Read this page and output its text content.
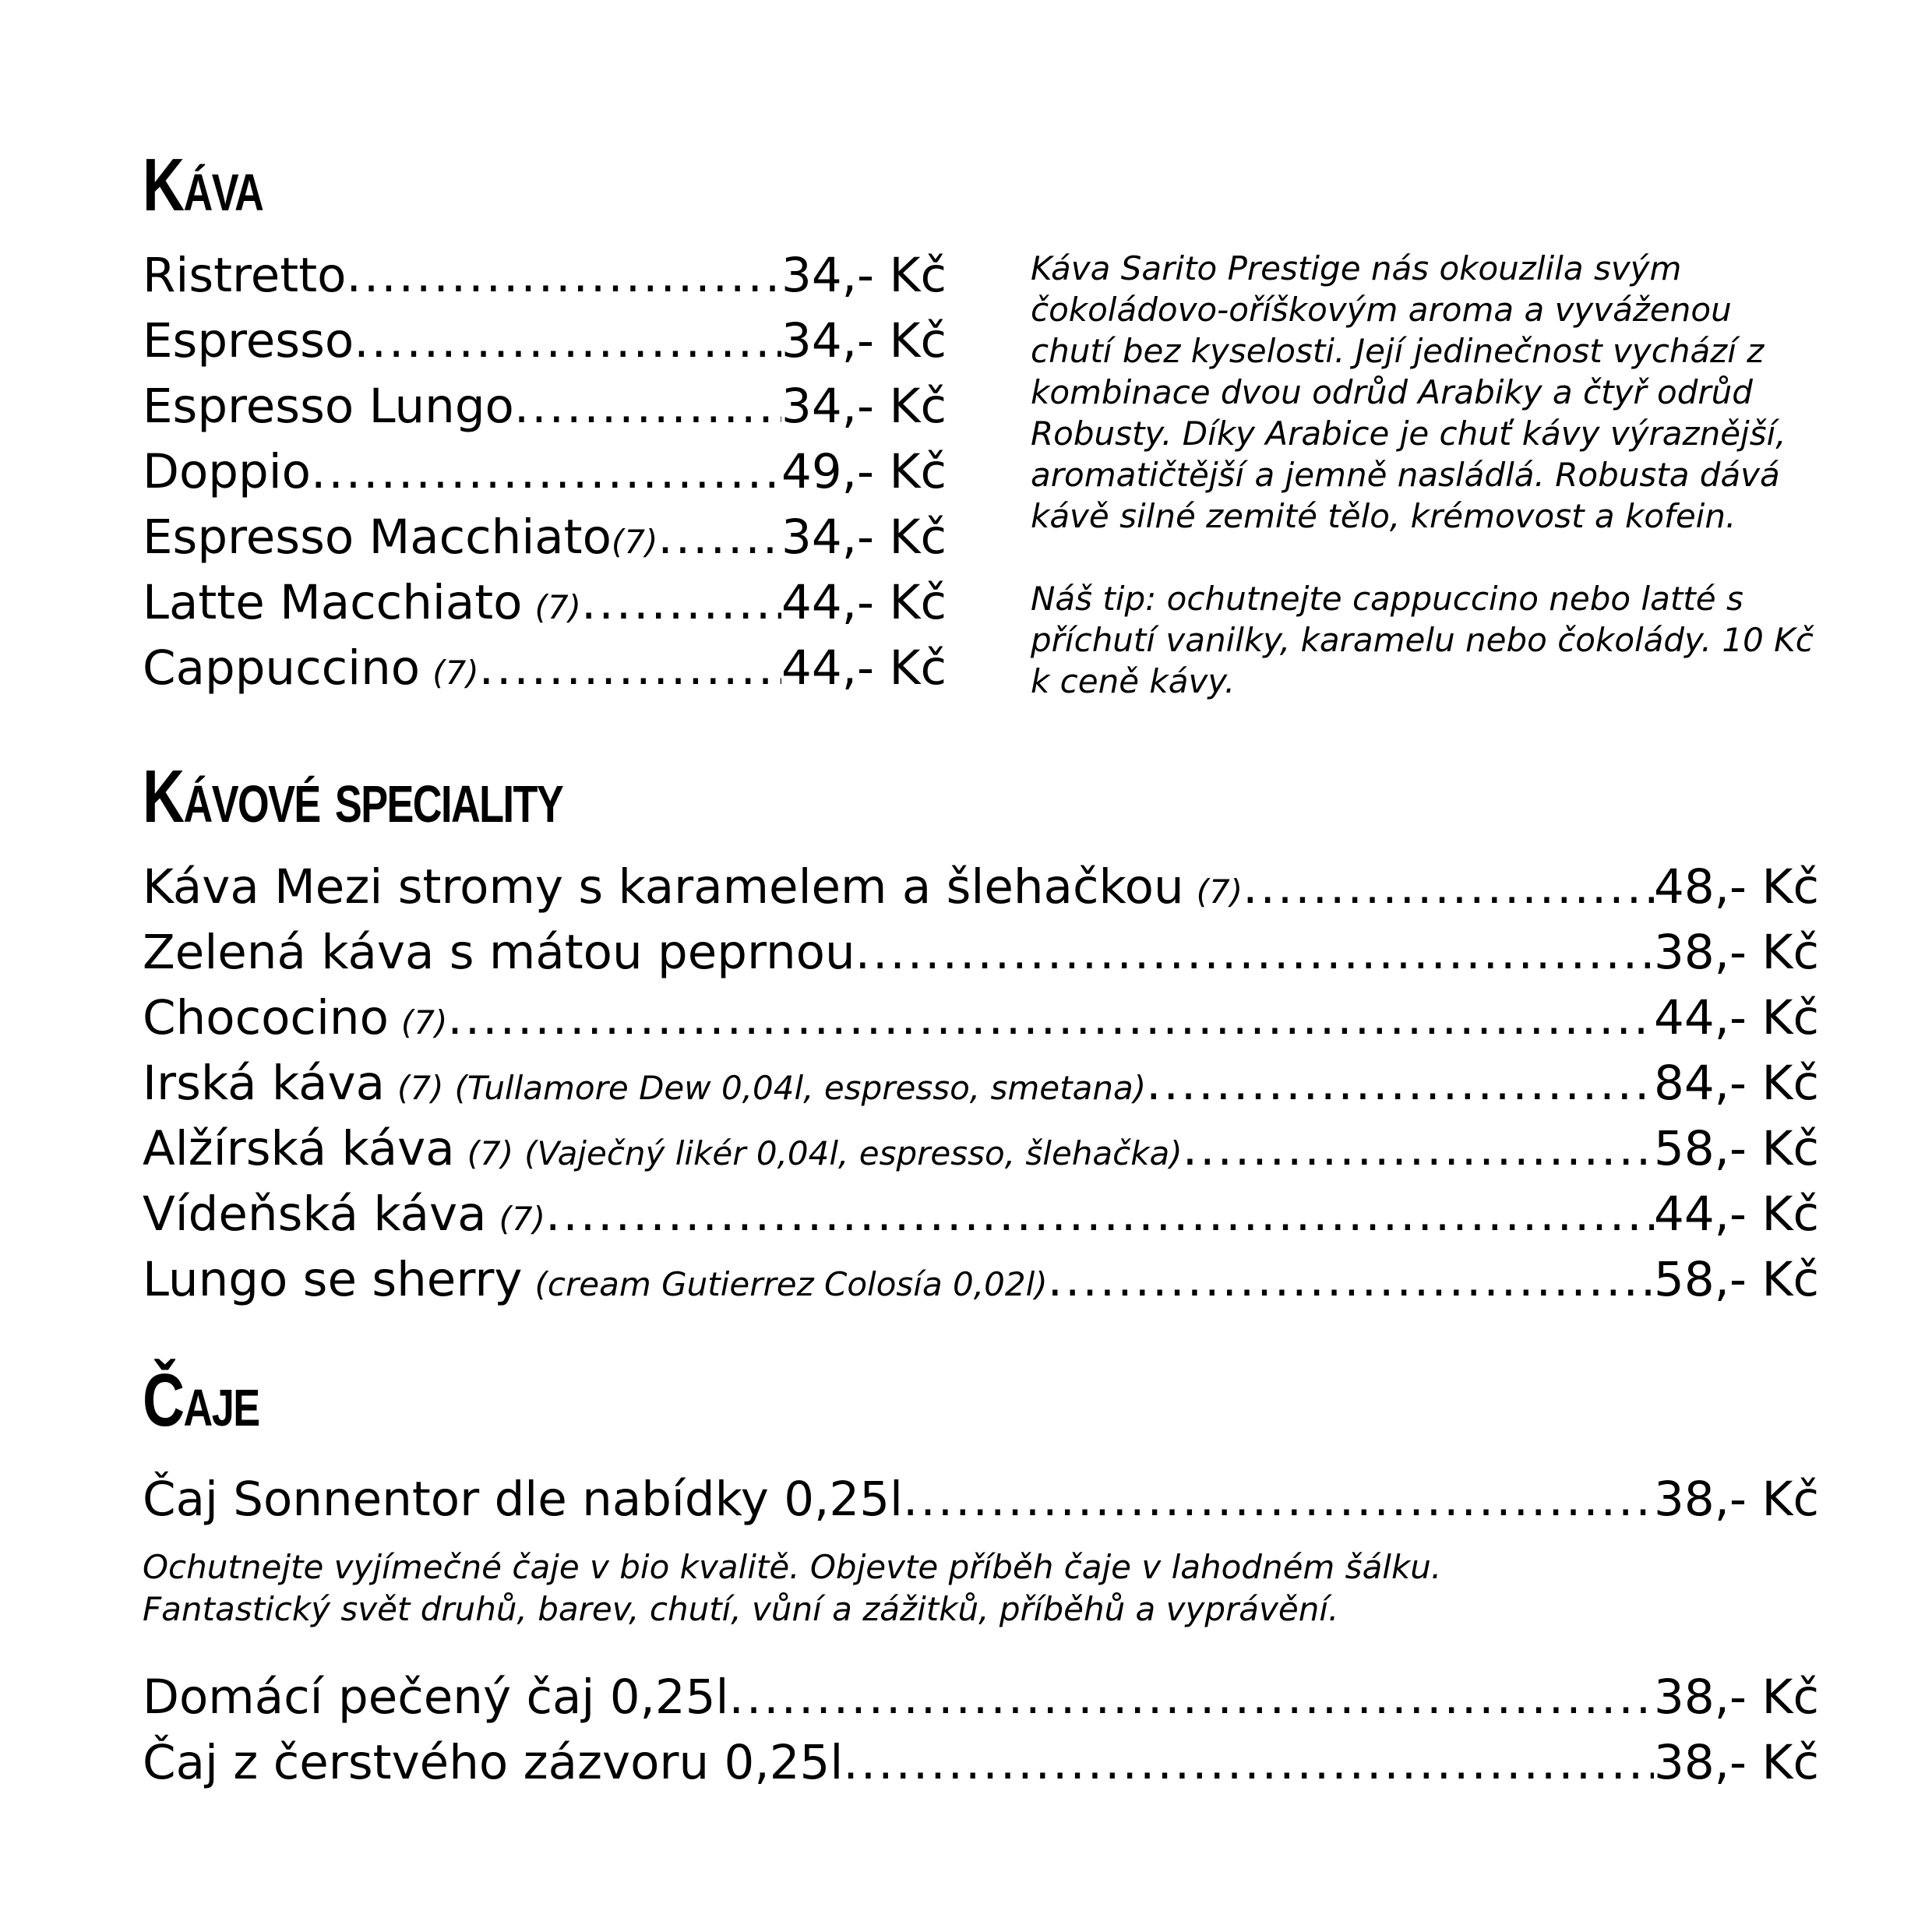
Káva
Ristretto .....	34,- Kč
Espresso .....	34,- Kč
Espresso Lungo .....	34,- Kč
Doppio .....	49,- Kč
Espresso Macchiato (7) .....	34,- Kč
Latte Macchiato (7) .....	44,- Kč
Cappuccino (7) .....	44,- Kč

Káva Sarito Prestige nás okouzlila svým čokoládovo-oříškovým aroma a vyváženou chutí bez kyselosti. Její jedinečnost vychází z kombinace dvou odrůd Arabiky a čtyř odrůd Robusty. Díky Arabice je chuť kávy výraznější, aromatičtější a jemně nasládlá. Robusta dává kávě silné zemité tělo, krémovost a kofein.

Náš tip: ochutnejte cappuccino nebo latté s příchutí vanilky, karamelu nebo čokolády. 10 Kč k ceně kávy.

Kávové speciality
Káva Mezi stromy s karamelem a šlehačkou (7) .....	48,- Kč
Zelená káva s mátou peprnou .....	38,- Kč
Chococino (7) .....	44,- Kč
Irská káva (7) (Tullamore Dew 0,04l, espresso, smetana) .....	84,- Kč
Alžírská káva (7) (Vaječný likér 0,04l, espresso, šlehačka) .....	58,- Kč
Vídeňská káva (7) .....	44,- Kč
Lungo se sherry (cream Gutierrez Colosía 0,02l) .....	58,- Kč
Čaje
Čaj Sonnentor dle nabídky 0,25l .....	38,- Kč

Ochutnejte vyjímečné čaje v bio kvalitě. Objevte příběh čaje v lahodném šálku.

Fantastický svět druhů, barev, chutí, vůní a zážitků, příběhů a vyprávění.

Domácí pečený čaj 0,25l .....	38,- Kč
Čaj z čerstvého zázvoru 0,25l .....	38,- Kč
